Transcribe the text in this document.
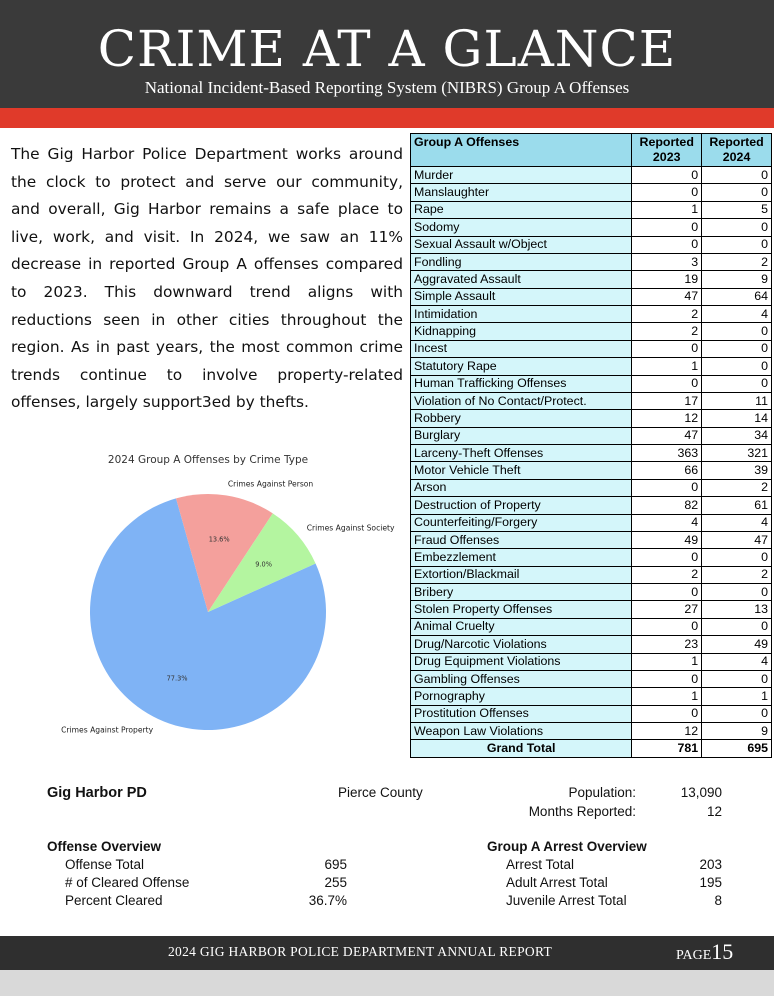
CRIME AT A GLANCE
National Incident-Based Reporting System (NIBRS) Group A Offenses

The Gig Harbor Police Department works around the clock to protect and serve our community, and overall, Gig Harbor remains a safe place to live, work, and visit. In 2024, we saw an 11% decrease in reported Group A offenses compared to 2023. This downward trend aligns with reductions seen in other cities throughout the region. As in past years, the most common crime trends continue to involve property-related offenses, largely support3ed by thefts.

2024 Group A Offenses by Crime Type
77.3%
Crimes Against Property
13.6%
Crimes Against Person
9.0%
Crimes Against Society
Group A Offenses	Reported 2023	Reported 2024
Murder	0	0
Manslaughter	0	0
Rape	1	5
Sodomy	0	0
Sexual Assault w/Object	0	0
Fondling	3	2
Aggravated Assault	19	9
Simple Assault	47	64
Intimidation	2	4
Kidnapping	2	0
Incest	0	0
Statutory Rape	1	0
Human Trafficking Offenses	0	0
Violation of No Contact/Protect.	17	11
Robbery	12	14
Burglary	47	34
Larceny-Theft Offenses	363	321
Motor Vehicle Theft	66	39
Arson	0	2
Destruction of Property	82	61
Counterfeiting/Forgery	4	4
Fraud Offenses	49	47
Embezzlement	0	0
Extortion/Blackmail	2	2
Bribery	0	0
Stolen Property Offenses	27	13
Animal Cruelty	0	0
Drug/Narcotic Violations	23	49
Drug Equipment Violations	1	4
Gambling Offenses	0	0
Pornography	1	1
Prostitution Offenses	0	0
Weapon Law Violations	12	9
Grand Total	781	695
Gig Harbor PD	Pierce County	Population:	13,090
Months Reported:	12
Offense Overview
Offense Total	695
# of Cleared Offense	255
Percent Cleared	36.7%
Group A Arrest Overview
Arrest Total	203
Adult Arrest Total	195
Juvenile Arrest Total	8
2024 GIG HARBOR POLICE DEPARTMENT ANNUAL REPORT	PAGE15
